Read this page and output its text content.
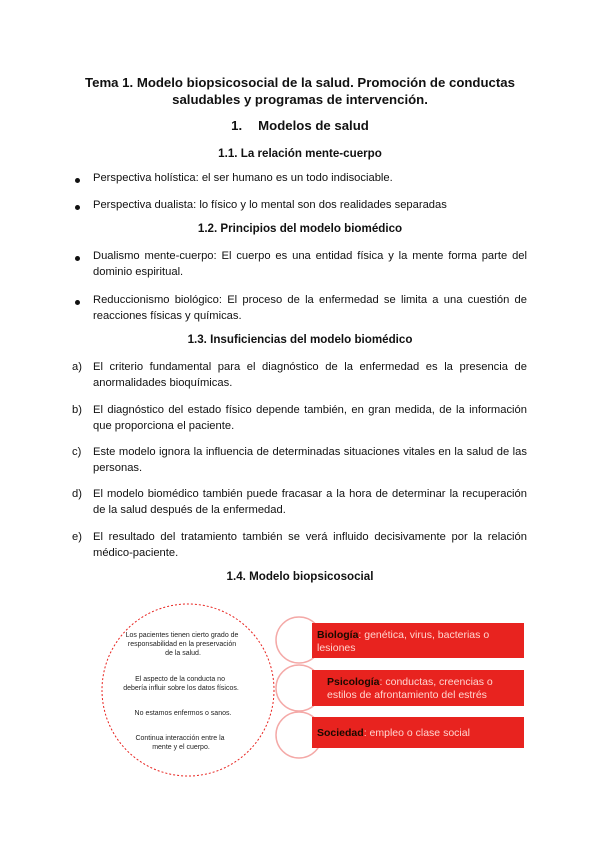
Tema 1. Modelo biopsicosocial de la salud. Promoción de conductas saludables y programas de intervención.
1. Modelos de salud
1.1. La relación mente-cuerpo
Perspectiva holística: el ser humano es un todo indisociable.
Perspectiva dualista: lo físico y lo mental son dos realidades separadas
1.2. Principios del modelo biomédico
Dualismo mente-cuerpo: El cuerpo es una entidad física y la mente forma parte del dominio espiritual.
Reduccionismo biológico: El proceso de la enfermedad se limita a una cuestión de reacciones físicas y químicas.
1.3. Insuficiencias del modelo biomédico
a) El criterio fundamental para el diagnóstico de la enfermedad es la presencia de anormalidades bioquímicas.
b) El diagnóstico del estado físico depende también, en gran medida, de la información que proporciona el paciente.
c) Este modelo ignora la influencia de determinadas situaciones vitales en la salud de las personas.
d) El modelo biomédico también puede fracasar a la hora de determinar la recuperación de la salud después de la enfermedad.
e) El resultado del tratamiento también se verá influido decisivamente por la relación médico-paciente.
1.4. Modelo biopsicosocial
Los pacientes tienen cierto grado de responsabilidad en la preservación de la salud.
El aspecto de la conducta no debería influir sobre los datos físicos.
No estamos enfermos o sanos.
Continua interacción entre la mente y el cuerpo.
Biología: genética, virus, bacterias o lesiones
Psicología: conductas, creencias o estilos de afrontamiento del estrés
Sociedad: empleo o clase social
